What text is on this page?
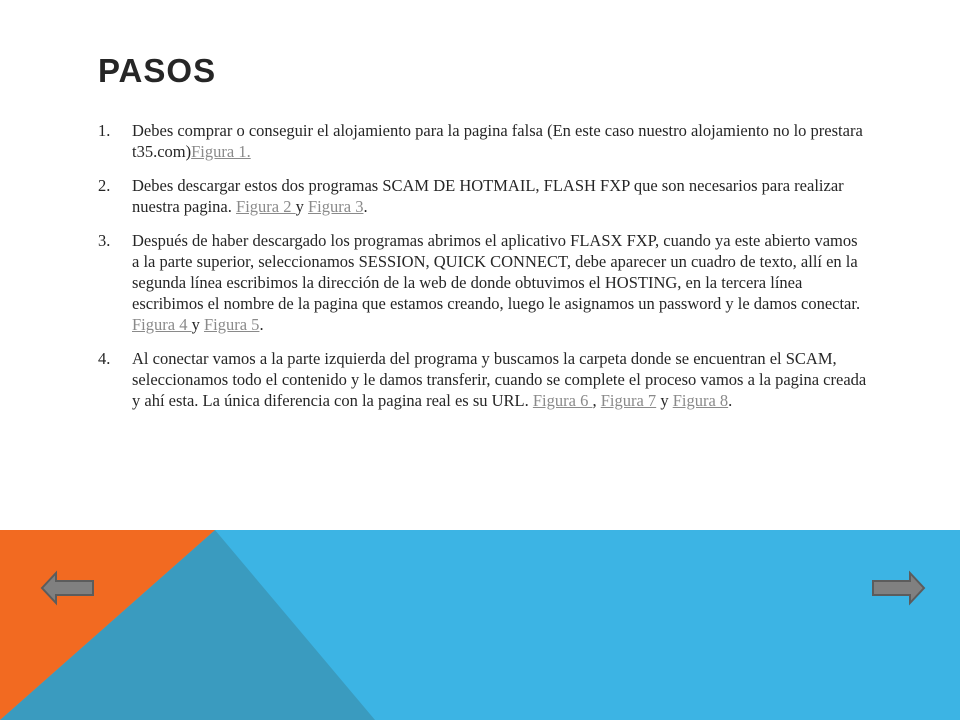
PASOS
1. Debes comprar o conseguir el alojamiento para la pagina falsa (En este caso nuestro alojamiento no lo prestara t35.com)Figura 1.
2. Debes descargar estos dos programas SCAM DE HOTMAIL, FLASH FXP que son necesarios para realizar nuestra pagina. Figura 2 y Figura 3.
3. Después de haber descargado los programas abrimos el aplicativo FLASX FXP, cuando ya este abierto vamos a la parte superior, seleccionamos SESSION, QUICK CONNECT, debe aparecer un cuadro de texto, allí en la segunda línea escribimos la dirección de la web de donde obtuvimos el HOSTING, en la tercera línea escribimos el nombre de la pagina que estamos creando, luego le asignamos un password y le damos conectar. Figura 4 y Figura 5.
4. Al conectar vamos a la parte izquierda del programa y buscamos la carpeta donde se encuentran el SCAM, seleccionamos todo el contenido y le damos transferir, cuando se complete el proceso vamos a la pagina creada y ahí esta. La única diferencia con la pagina real es su URL. Figura 6 , Figura 7 y Figura 8.
